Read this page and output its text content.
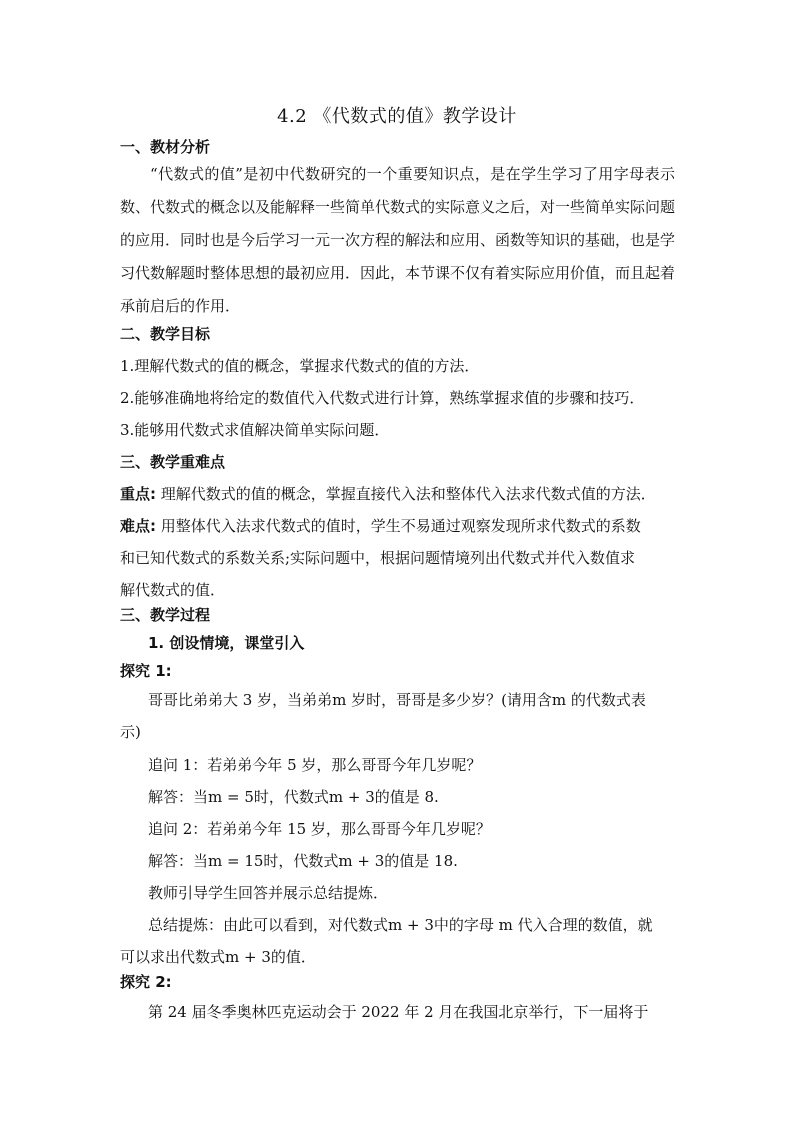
4.2 《代数式的值》教学设计
一、教材分析
“代数式的值”是初中代数研究的一个重要知识点，是在学生学习了用字母表示数、代数式的概念以及能解释一些简单代数式的实际意义之后，对一些简单实际问题的应用．同时也是今后学习一元一次方程的解法和应用、函数等知识的基础，也是学习代数解题时整体思想的最初应用．因此，本节课不仅有着实际应用价值，而且起着承前启后的作用．
二、教学目标
1.理解代数式的值的概念，掌握求代数式的值的方法．
2.能够准确地将给定的数值代入代数式进行计算，熟练掌握求值的步骤和技巧．
3.能够用代数式求值解决简单实际问题．
三、教学重难点
重点: 理解代数式的值的概念，掌握直接代入法和整体代入法求代数式值的方法．
难点: 用整体代入法求代数式的值时，学生不易通过观察发现所求代数式的系数
和已知代数式的系数关系;实际问题中，根据问题情境列出代数式并代入数值求
解代数式的值．
三、教学过程
1. 创设情境，课堂引入
探究 1:
哥哥比弟弟大 3 岁，当弟弟m 岁时，哥哥是多少岁？(请用含m 的代数式表
示)
追问 1：若弟弟今年 5 岁，那么哥哥今年几岁呢？
解答：当m = 5时，代数式m + 3的值是 8.
追问 2：若弟弟今年 15 岁，那么哥哥今年几岁呢？
解答：当m = 15时，代数式m + 3的值是 18.
教师引导学生回答并展示总结提炼．
总结提炼：由此可以看到，对代数式m + 3中的字母 m 代入合理的数值，就
可以求出代数式m + 3的值．
探究 2:
第 24 届冬季奥林匹克运动会于 2022 年 2 月在我国北京举行，下一届将于
